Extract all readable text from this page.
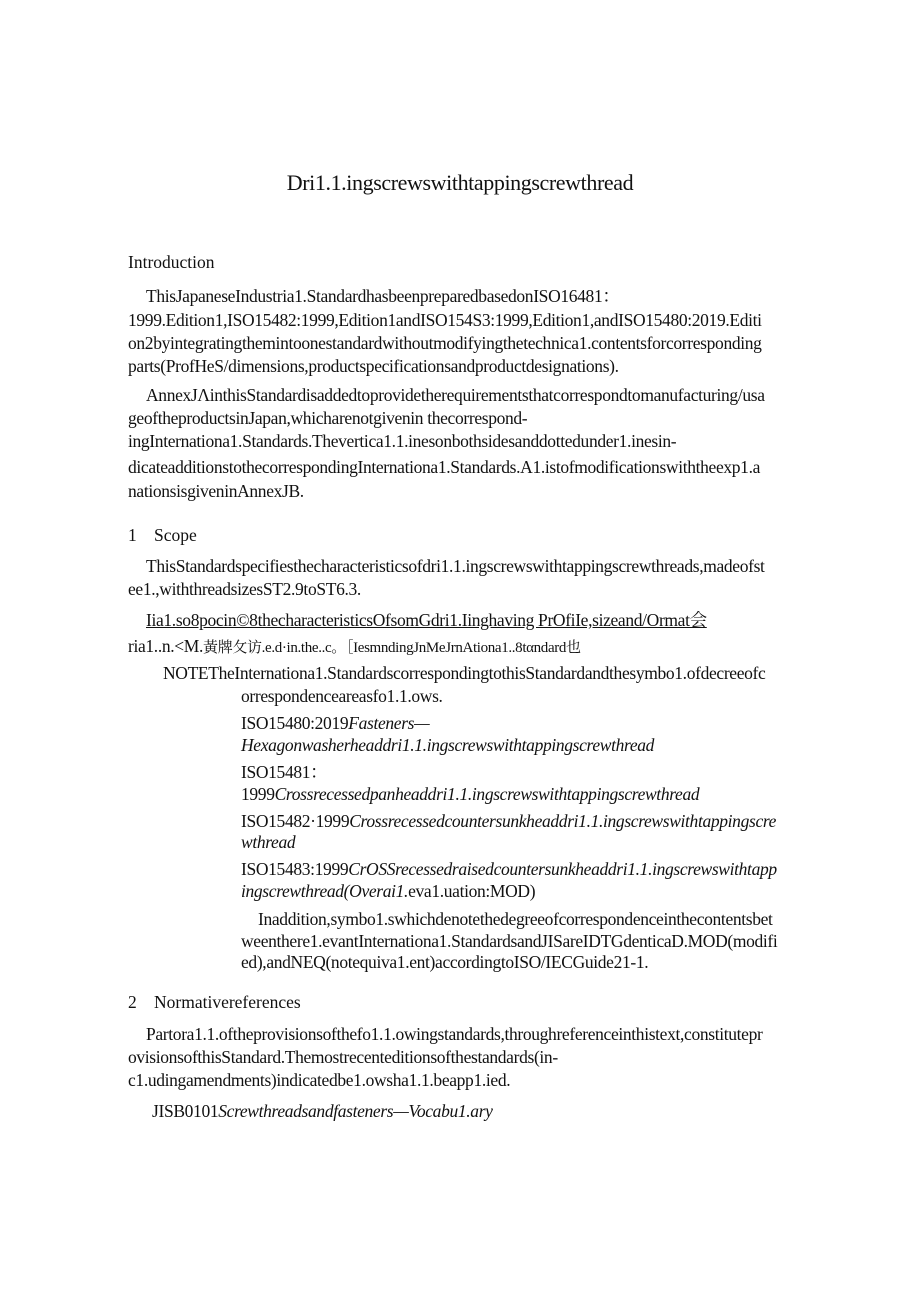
Dri1.1.ingscrewswithtappingscrewthread
Introduction
ThisJapaneseIndustria1.StandardhasbeenpreparedbasedonISO16481：
1999.Edition1,ISO15482:1999,Edition1andISO154S3:1999,Edition1,andISO15480:2019.Editi
on2byintegratingthemintoonestandardwithoutmodifyingthetechnica1.contentsforcorresponding
parts(ProfHeS/dimensions,productspecificationsandproductdesignations).
AnnexJΛinthisStandardisaddedtoprovidetherequirementsthatcorrespondtomanufacturing/usa
geoftheproductsinJapan,whicharenotgivenin thecorrespond-
ingInternationa1.Standards.Thevertica1.1.inesonbothsidesanddottedunder1.inesin-
dicateadditionstothecorrespondingInternationa1.Standards.A1.istofmodificationswiththeexp1.a
nationsisgiveninAnnexJB.
1 Scope
ThisStandardspecifiesthecharacteristicsofdri1.1.ingscrewswithtappingscrewthreads,madeofst
ee1.,withthreadsizesST2.9toST6.3.
Iia1.so8pocin©8thecharacteristicsOfsomGdri1.Iinghaving PrOfiIe,sizeand/Ormat会
ria1..n.<M.黃牌攵访.e.d·in.the..c。［IesmndingJnMeJrnAtiona1..8tαndard也
NOTETheInternationa1.StandardscorrespondingtothisStandardandthesymbo1.ofdecreeofc
orrespondenceareasfo1.1.ows.
ISO15480:2019Fasteners—
Hexagonwasherheaddri1.1.ingscrewswithtappingscrewthread
ISO15481：
1999Crossrecessedpanheaddri1.1.ingscrewswithtappingscrewthread
ISO15482·1999Crossrecessedcountersunkheaddri1.1.ingscrewswithtappingscre
wthread
ISO15483:1999CrOSSrecessedraisedcountersunkheaddri1.1.ingscrewswithtapp
ingscrewthread(Overai1.eva1.uation:MOD)
Inaddition,symbo1.swhichdenotethedegreeofcorrespondenceinthecontentsbet
weenthere1.evantInternationa1.StandardsandJISareIDTGdenticaD.MOD(modifi
ed),andNEQ(notequiva1.ent)accordingtoISO/IECGuide21-1.
2 Normativereferences
Partora1.1.oftheprovisionsofthefo1.1.owingstandards,throughreferenceinthistext,constitutepr
ovisionsofthisStandard.Themostrecenteditionsofthestandards(in-
c1.udingamendments)indicatedbe1.owsha1.1.beapp1.ied.
JISB0101Screwthreadsandfasteners—Vocabu1.ary
